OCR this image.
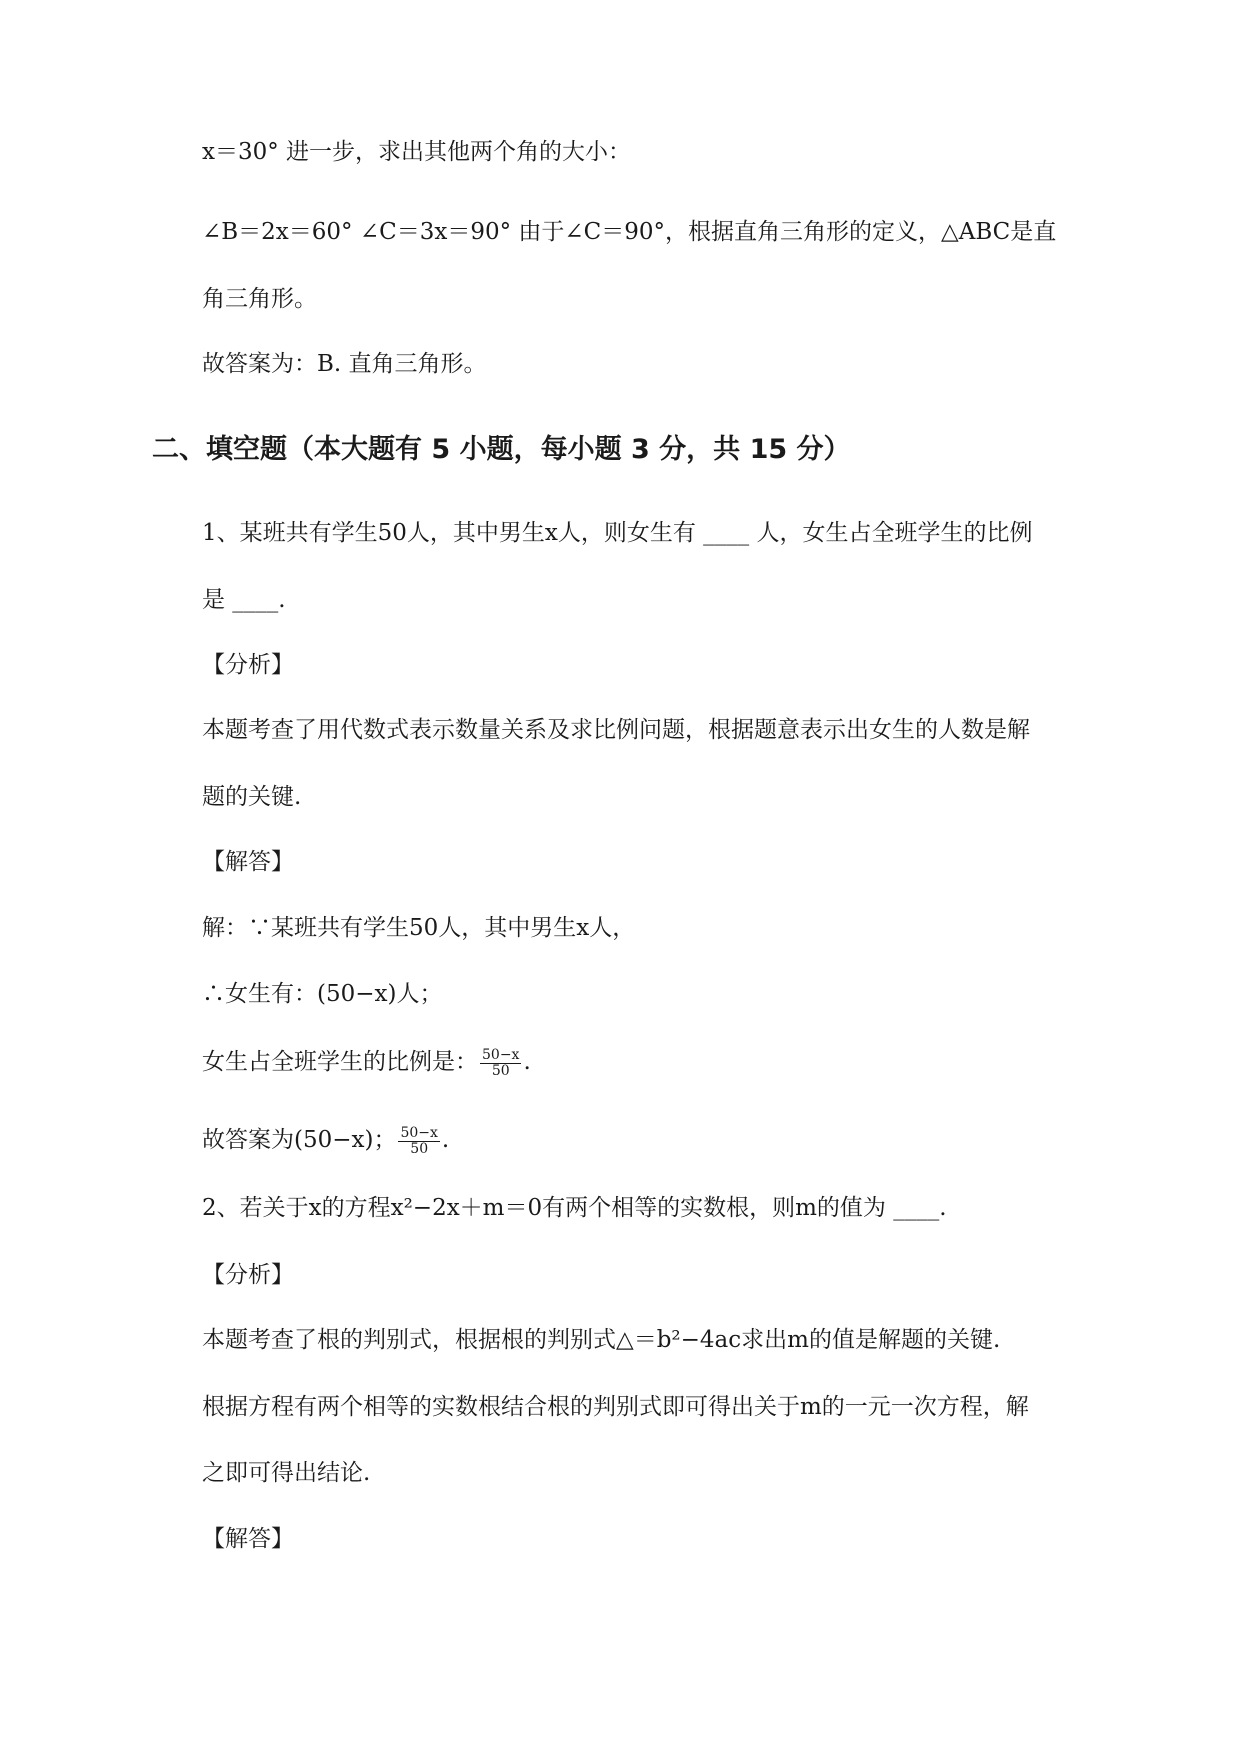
x＝30° 进一步，求出其他两个角的大小：
∠B＝2x＝60° ∠C＝3x＝90° 由于∠C＝90°，根据直角三角形的定义，△ABC是直
角三角形。
故答案为：B. 直角三角形。
二、填空题（本大题有 5 小题，每小题 3 分，共 15 分）
1、某班共有学生50人，其中男生x人，则女生有 ____ 人，女生占全班学生的比例
是 ____.
【分析】
本题考查了用代数式表示数量关系及求比例问题，根据题意表示出女生的人数是解
题的关键.
【解答】
解：∵某班共有学生50人，其中男生x人，
∴女生有：(50−x)人；
女生占全班学生的比例是： $\frac{50-x}{50}$ .
故答案为(50−x)； $\frac{50-x}{50}$ .
2、若关于x的方程x²−2x＋m＝0有两个相等的实数根，则m的值为 ____.
【分析】
本题考查了根的判别式，根据根的判别式△＝b²−4ac求出m的值是解题的关键.
根据方程有两个相等的实数根结合根的判别式即可得出关于m的一元一次方程，解
之即可得出结论.
【解答】
